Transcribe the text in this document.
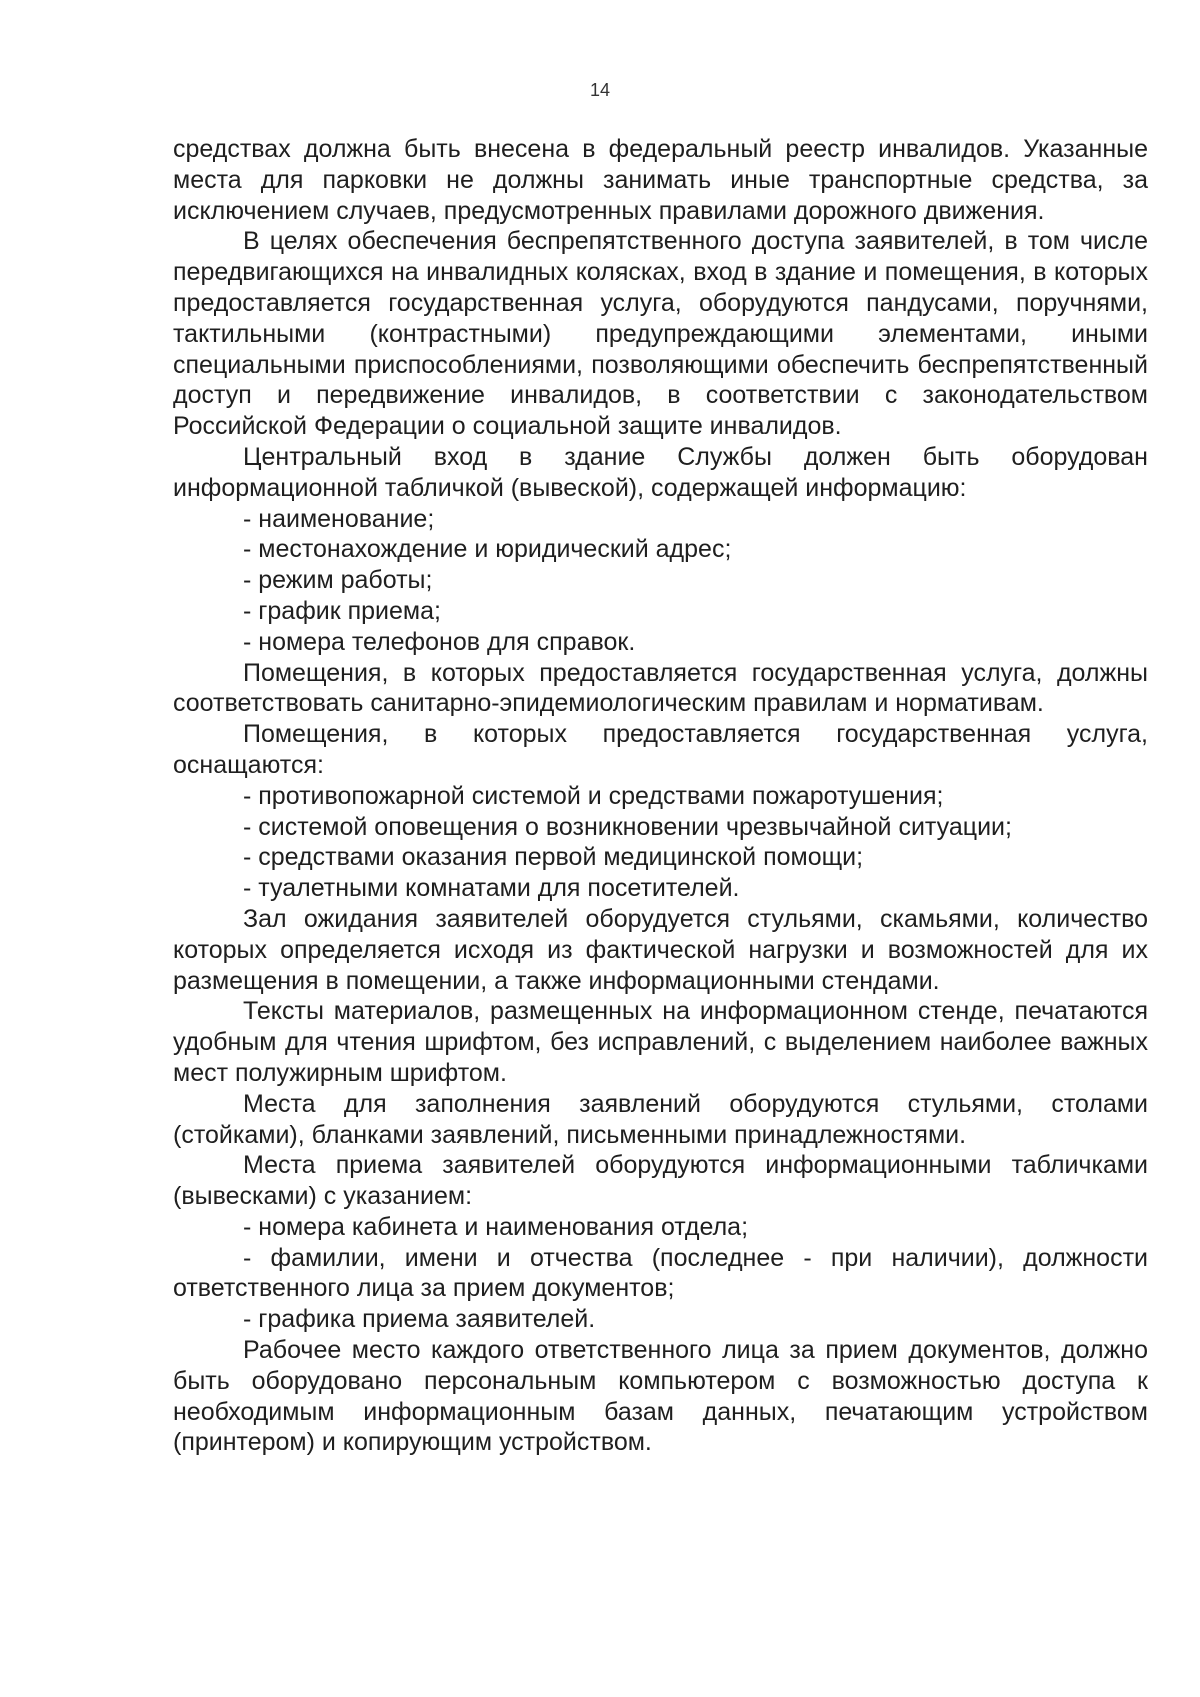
14

средствах должна быть внесена в федеральный реестр инвалидов. Указанные места для парковки не должны занимать иные транспортные средства, за исключением случаев, предусмотренных правилами дорожного движения.

В целях обеспечения беспрепятственного доступа заявителей, в том числе передвигающихся на инвалидных колясках, вход в здание и помещения, в которых предоставляется государственная услуга, оборудуются пандусами, поручнями, тактильными (контрастными) предупреждающими элементами, иными специальными приспособлениями, позволяющими обеспечить беспрепятственный доступ и передвижение инвалидов, в соответствии с законодательством Российской Федерации о социальной защите инвалидов.

Центральный вход в здание Службы должен быть оборудован информационной табличкой (вывеской), содержащей информацию:

- наименование;

- местонахождение и юридический адрес;

- режим работы;

- график приема;

- номера телефонов для справок.

Помещения, в которых предоставляется государственная услуга, должны соответствовать санитарно-эпидемиологическим правилам и нормативам.

Помещения, в которых предоставляется государственная услуга, оснащаются:

- противопожарной системой и средствами пожаротушения;

- системой оповещения о возникновении чрезвычайной ситуации;

- средствами оказания первой медицинской помощи;

- туалетными комнатами для посетителей.

Зал ожидания заявителей оборудуется стульями, скамьями, количество которых определяется исходя из фактической нагрузки и возможностей для их размещения в помещении, а также информационными стендами.

Тексты материалов, размещенных на информационном стенде, печатаются удобным для чтения шрифтом, без исправлений, с выделением наиболее важных мест полужирным шрифтом.

Места для заполнения заявлений оборудуются стульями, столами (стойками), бланками заявлений, письменными принадлежностями.

Места приема заявителей оборудуются информационными табличками (вывесками) с указанием:

- номера кабинета и наименования отдела;

- фамилии, имени и отчества (последнее - при наличии), должности ответственного лица за прием документов;

- графика приема заявителей.

Рабочее место каждого ответственного лица за прием документов, должно быть оборудовано персональным компьютером с возможностью доступа к необходимым информационным базам данных, печатающим устройством (принтером) и копирующим устройством.
